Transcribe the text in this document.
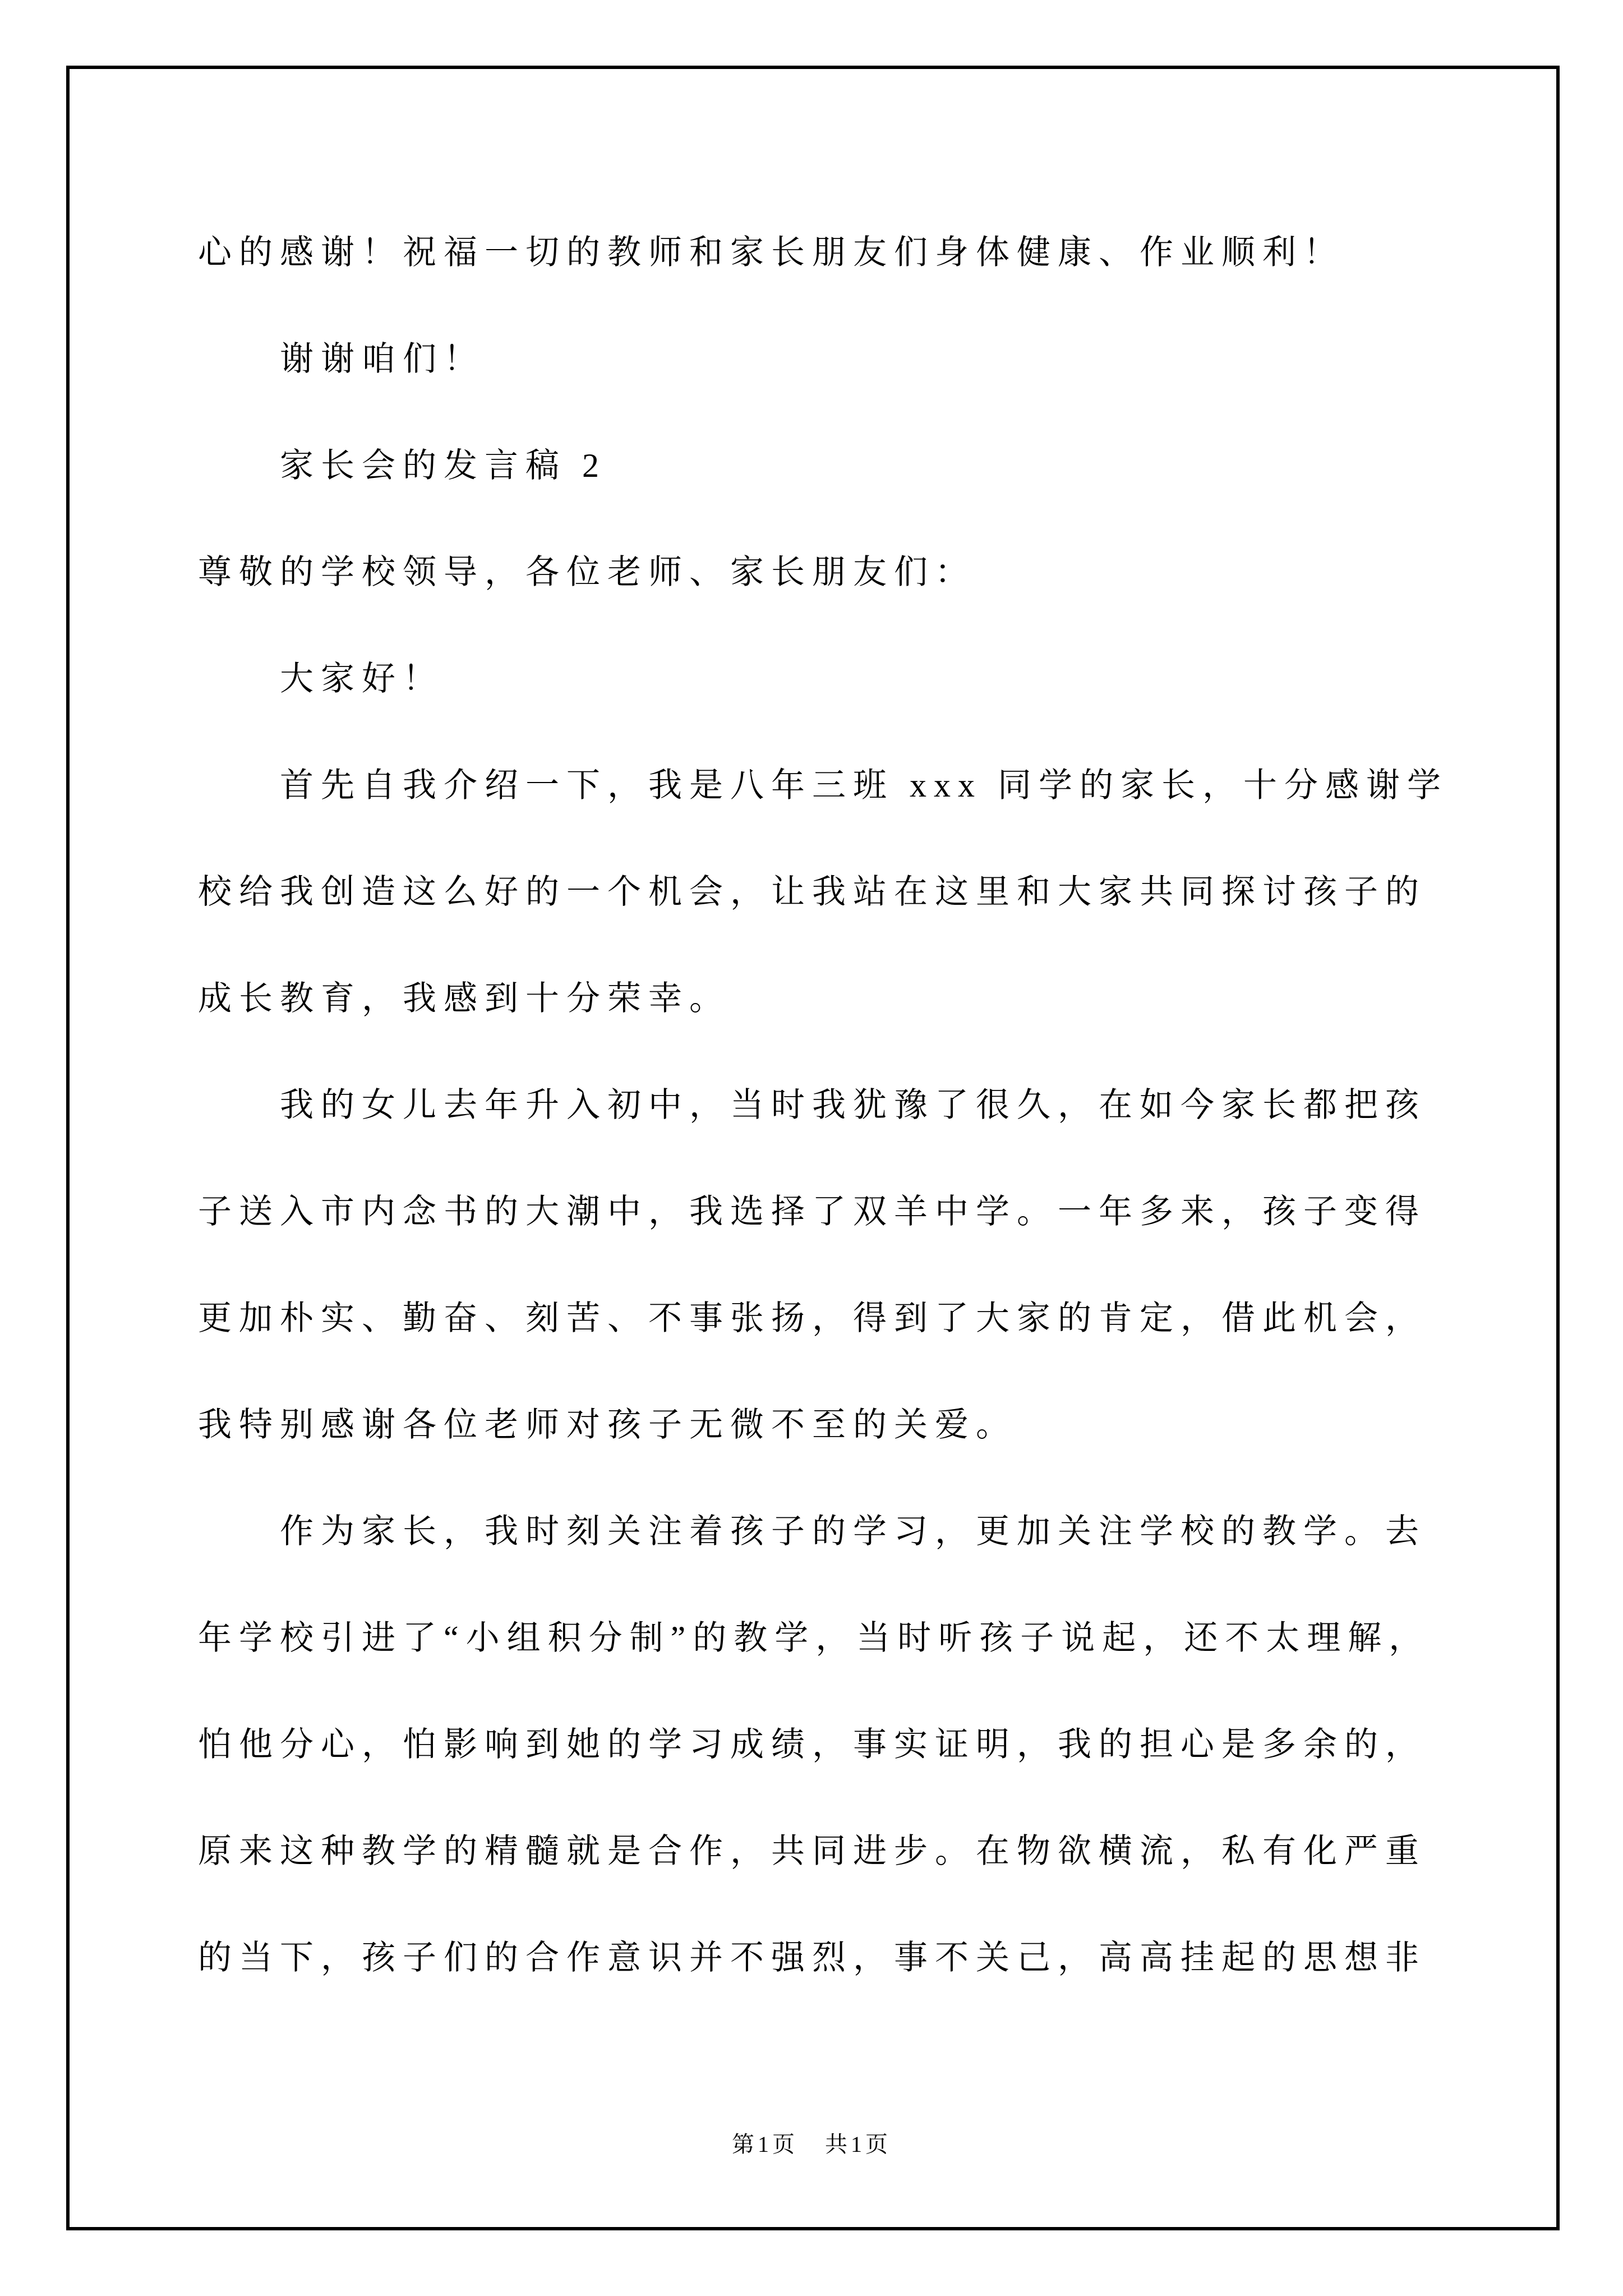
心的感谢！祝福一切的教师和家长朋友们身体健康、作业顺利！
谢谢咱们！
家长会的发言稿 2
尊敬的学校领导，各位老师、家长朋友们：
大家好！
首先自我介绍一下，我是八年三班 xxx 同学的家长，十分感谢学
校给我创造这么好的一个机会，让我站在这里和大家共同探讨孩子的
成长教育，我感到十分荣幸。
我的女儿去年升入初中，当时我犹豫了很久，在如今家长都把孩
子送入市内念书的大潮中，我选择了双羊中学。一年多来，孩子变得
更加朴实、勤奋、刻苦、不事张扬，得到了大家的肯定，借此机会，
我特别感谢各位老师对孩子无微不至的关爱。
作为家长，我时刻关注着孩子的学习，更加关注学校的教学。去
年学校引进了“小组积分制”的教学，当时听孩子说起，还不太理解，
怕他分心，怕影响到她的学习成绩，事实证明，我的担心是多余的，
原来这种教学的精髓就是合作，共同进步。在物欲横流，私有化严重
的当下，孩子们的合作意识并不强烈，事不关己，高高挂起的思想非
第1页 共1页
